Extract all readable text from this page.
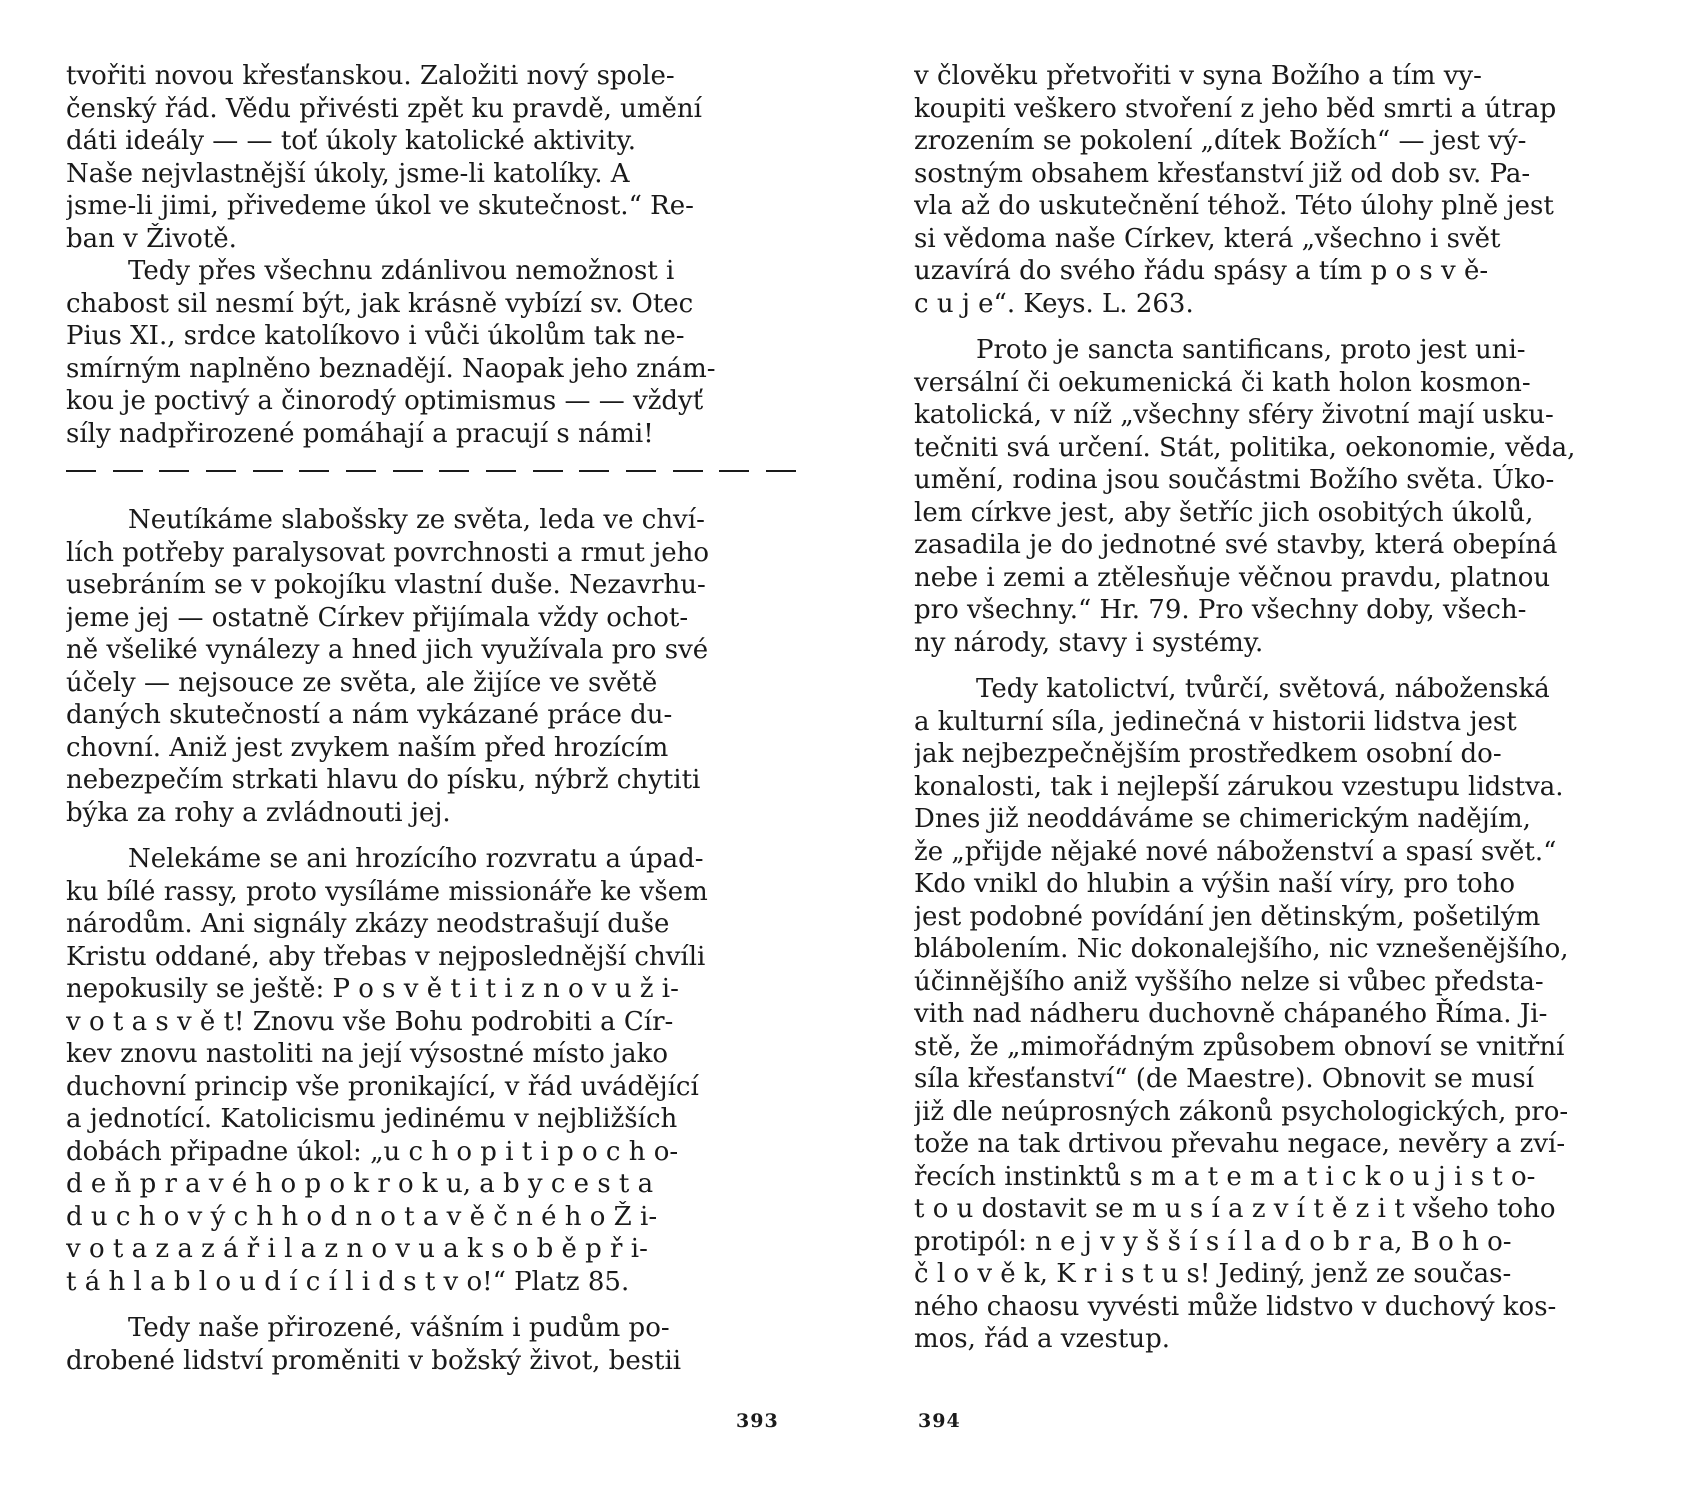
tvořiti novou křesťanskou. Založiti nový spole-
čenský řád. Vědu přivésti zpět ku pravdě, umění
dáti ideály — — toť úkoly katolické aktivity.
Naše nejvlastnější úkoly, jsme-li katolíky. A
jsme-li jimi, přivedeme úkol ve skutečnost.“ Re-
ban v Životě.
Tedy přes všechnu zdánlivou nemožnost i
chabost sil nesmí být, jak krásně vybízí sv. Otec
Pius XI., srdce katolíkovo i vůči úkolům tak ne-
smírným naplněno beznadějí. Naopak jeho znám-
kou je poctivý a činorodý optimismus — — vždyť
síly nadpřirozené pomáhají a pracují s námi!
Neutíkáme slabošsky ze světa, leda ve chví-
lích potřeby paralysovat povrchnosti a rmut jeho
usebráním se v pokojíku vlastní duše. Nezavrhu-
jeme jej — ostatně Církev přijímala vždy ochot-
ně všeliké vynálezy a hned jich využívala pro své
účely — nejsouce ze světa, ale žijíce ve světě
daných skutečností a nám vykázané práce du-
chovní. Aniž jest zvykem naším před hrozícím
nebezpečím strkati hlavu do písku, nýbrž chytiti
býka za rohy a zvládnouti jej.
Nelekáme se ani hrozícího rozvratu a úpad-
ku bílé rassy, proto vysíláme missionáře ke všem
národům. Ani signály zkázy neodstrašují duše
Kristu oddané, aby třebas v nejposlednější chvíli
nepokusily se ještě: P o s v ě t i t i z n o v u ž i-
v o t a s v ě t! Znovu vše Bohu podrobiti a Cír-
kev znovu nastoliti na její výsostné místo jako
duchovní princip vše pronikající, v řád uvádějící
a jednotící. Katolicismu jedinému v nejbližších
dobách připadne úkol: „u c h o p i t i p o c h o-
d e ň p r a v é h o p o k r o k u, a b y c e s t a
d u c h o v ý c h h o d n o t a v ě č n é h o Ž i-
v o t a z a z á ř i l a z n o v u a k s o b ě p ř i-
t á h l a b l o u d í c í l i d s t v o!“ Platz 85.
Tedy naše přirozené, vášním i pudům po-
drobené lidství proměniti v božský život, bestii
393
v člověku přetvořiti v syna Božího a tím vy-
koupiti veškero stvoření z jeho běd smrti a útrap
zrozením se pokolení „dítek Božích“ — jest vý-
sostným obsahem křesťanství již od dob sv. Pa-
vla až do uskutečnění téhož. Této úlohy plně jest
si vědoma naše Církev, která „všechno i svět
uzavírá do svého řádu spásy a tím p o s v ě-
c u j e“. Keys. L. 263.
Proto je sancta santificans, proto jest uni-
versální či oekumenická či kath holon kosmon-
katolická, v níž „všechny sféry životní mají usku-
tečniti svá určení. Stát, politika, oekonomie, věda,
umění, rodina jsou součástmi Božího světa. Úko-
lem církve jest, aby šetříc jich osobitých úkolů,
zasadila je do jednotné své stavby, která obepíná
nebe i zemi a ztělesňuje věčnou pravdu, platnou
pro všechny.“ Hr. 79. Pro všechny doby, všech-
ny národy, stavy i systémy.
Tedy katolictví, tvůrčí, světová, náboženská
a kulturní síla, jedinečná v historii lidstva jest
jak nejbezpečnějším prostředkem osobní do-
konalosti, tak i nejlepší zárukou vzestupu lidstva.
Dnes již neoddáváme se chimerickým nadějím,
že „přijde nějaké nové náboženství a spasí svět.“
Kdo vnikl do hlubin a výšin naší víry, pro toho
jest podobné povídání jen dětinským, pošetilým
blábolením. Nic dokonalejšího, nic vznešenějšího,
účinnějšího aniž vyššího nelze si vůbec předsta-
vith nad nádheru duchovně chápaného Říma. Ji-
stě, že „mimořádným způsobem obnoví se vnitřní
síla křesťanství“ (de Maestre). Obnovit se musí
již dle neúprosných zákonů psychologických, pro-
tože na tak drtivou převahu negace, nevěry a zví-
řecích instinktů s m a t e m a t i c k o u j i s t o-
t o u dostavit se m u s í a z v í t ě z i t všeho toho
protipól: n e j v y š š í s í l a d o b r a, B o h o-
č l o v ě k, K r i s t u s! Jediný, jenž ze součas-
ného chaosu vyvésti může lidstvo v duchový kos-
mos, řád a vzestup.
394
